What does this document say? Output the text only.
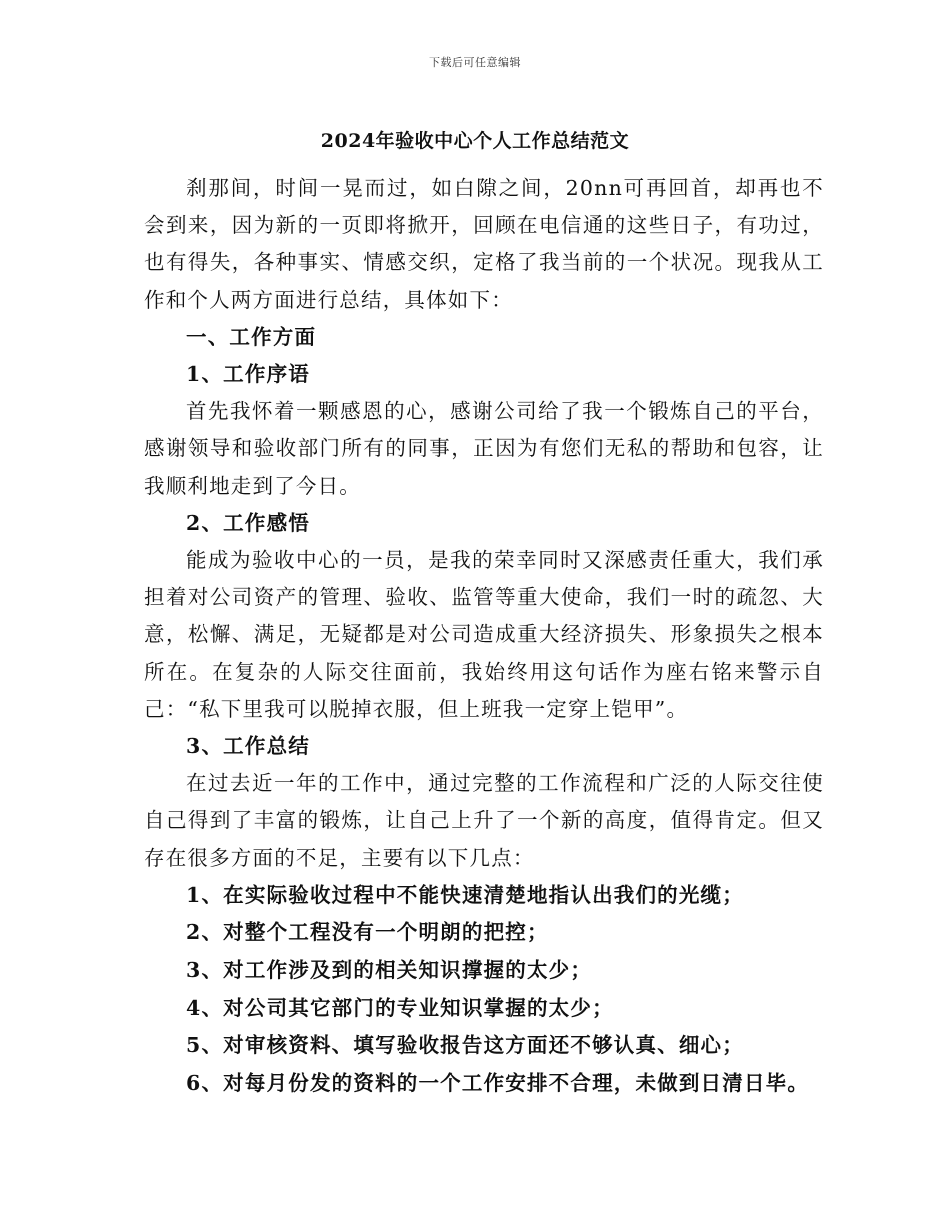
下载后可任意编辑
2024年验收中心个人工作总结范文

刹那间，时间一晃而过，如白隙之间，20nn可再回首，却再也不会到来，因为新的一页即将掀开，回顾在电信通的这些日子，有功过，也有得失，各种事实、情感交织，定格了我当前的一个状况。现我从工作和个人两方面进行总结，具体如下：

一、工作方面

1、工作序语

首先我怀着一颗感恩的心，感谢公司给了我一个锻炼自己的平台，感谢领导和验收部门所有的同事，正因为有您们无私的帮助和包容，让我顺利地走到了今日。

2、工作感悟

能成为验收中心的一员，是我的荣幸同时又深感责任重大，我们承担着对公司资产的管理、验收、监管等重大使命，我们一时的疏忽、大意，松懈、满足，无疑都是对公司造成重大经济损失、形象损失之根本所在。在复杂的人际交往面前，我始终用这句话作为座右铭来警示自己：“私下里我可以脱掉衣服，但上班我一定穿上铠甲”。

3、工作总结

在过去近一年的工作中，通过完整的工作流程和广泛的人际交往使自己得到了丰富的锻炼，让自己上升了一个新的高度，值得肯定。但又存在很多方面的不足，主要有以下几点：

1、在实际验收过程中不能快速清楚地指认出我们的光缆；

2、对整个工程没有一个明朗的把控；

3、对工作涉及到的相关知识撑握的太少；

4、对公司其它部门的专业知识掌握的太少；

5、对审核资料、填写验收报告这方面还不够认真、细心；

6、对每月份发的资料的一个工作安排不合理，未做到日清日毕。
